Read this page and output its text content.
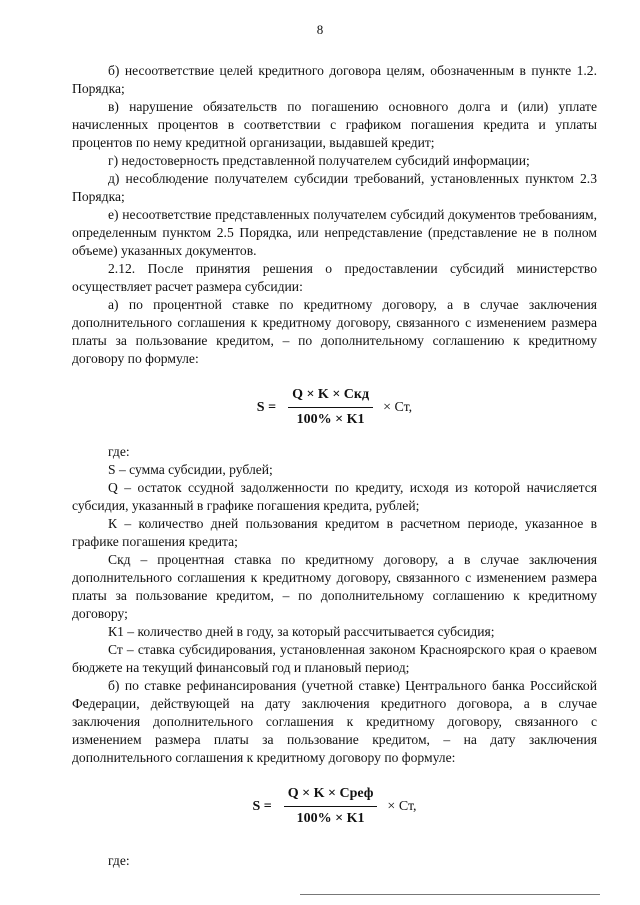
8

б) несоответствие целей кредитного договора целям, обозначенным в пункте 1.2. Порядка;

в) нарушение обязательств по погашению основного долга и (или) уплате начисленных процентов в соответствии с графиком погашения кредита и уплаты процентов по нему кредитной организации, выдавшей кредит;

г) недостоверность представленной получателем субсидий информации;

д) несоблюдение получателем субсидии требований, установленных пунктом 2.3 Порядка;

е) несоответствие представленных получателем субсидий документов требованиям, определенным пунктом 2.5 Порядка, или непредставление (представление не в полном объеме) указанных документов.

2.12. После принятия решения о предоставлении субсидий министерство осуществляет расчет размера субсидии:

а) по процентной ставке по кредитному договору, а в случае заключения дополнительного соглашения к кредитному договору, связанного с изменением размера платы за пользование кредитом, – по дополнительному соглашению к кредитному договору по формуле:

$S = \frac{\text{Q × K × Скд}}{100\% \times K1}$ × Ст,

где:

S – сумма субсидии, рублей;

Q – остаток ссудной задолженности по кредиту, исходя из которой начисляется субсидия, указанный в графике погашения кредита, рублей;

К – количество дней пользования кредитом в расчетном периоде, указанное в графике погашения кредита;

Скд – процентная ставка по кредитному договору, а в случае заключения дополнительного соглашения к кредитному договору, связанного с изменением размера платы за пользование кредитом, – по дополнительному соглашению к кредитному договору;

К1 – количество дней в году, за который рассчитывается субсидия;

Ст – ставка субсидирования, установленная законом Красноярского края о краевом бюджете на текущий финансовый год и плановый период;

б) по ставке рефинансирования (учетной ставке) Центрального банка Российской Федерации, действующей на дату заключения кредитного договора, а в случае заключения дополнительного соглашения к кредитному договору, связанного с изменением размера платы за пользование кредитом, – на дату заключения дополнительного соглашения к кредитному договору по формуле:

$S = \frac{\text{Q × K × Среф}}{100\% \times K1}$ × Ст,

где:
